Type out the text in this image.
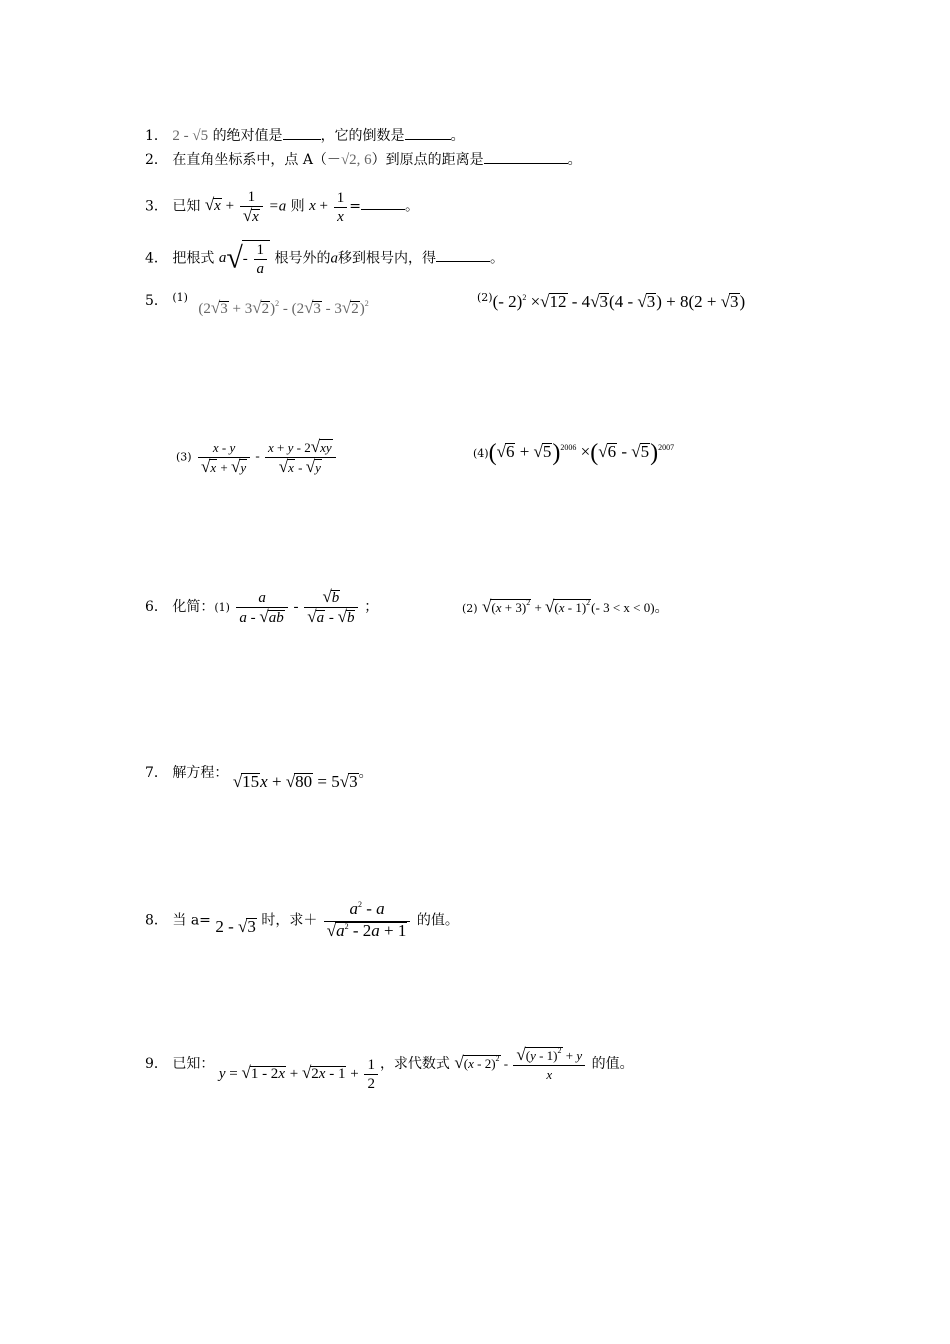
1． 2 - √5 的绝对值是	，它的倒数是	。
2． 在直角坐标系中，点 A（－√2, 6）到原点的距离是	。
3． 已知 $√x + \frac{1}{√x} =a$ 则 $x + \frac{1}{x}$ =	。
4． 把根式 $a√- \frac{1}{a}$ 根号外的a移到根号内，得	。
5． $^{(1)}$ $(2√3 + 3√2)^2 - (2√3 - 3√2)^2$	$^{(2)}$(- 2)$^2$ ×√12 - 4√3(4 - √3) + 8(2 + √3)
$(3) \frac{x - y}{√x + √y} - \frac{x + y - 2√xy}{√x - √y}$	$(4)(√6 + √5)^{2006} \times(√6 - √5)^{2007}$
6． 化简：$(1) \frac{a}{a - √ab} - \frac{√b}{√a - √b}$ ；	(2) $√(x + 3)^2 + √(x - 1)^2(-$ 3 < x < 0)。
7． 解方程： √15x + √80 = 5√3。
8． 当 a= 2 - √3 时，求＋ $\frac{a^2 - a}{√a^2 - 2a + 1}$ 的值。
9． 已知： $y = √1 - 2x + √2x - 1 + \frac{1}{2}$ ，求代数式 $√(x - 2)^2 - \frac{√(y - 1)^2 + y}{x}$ 的值。
